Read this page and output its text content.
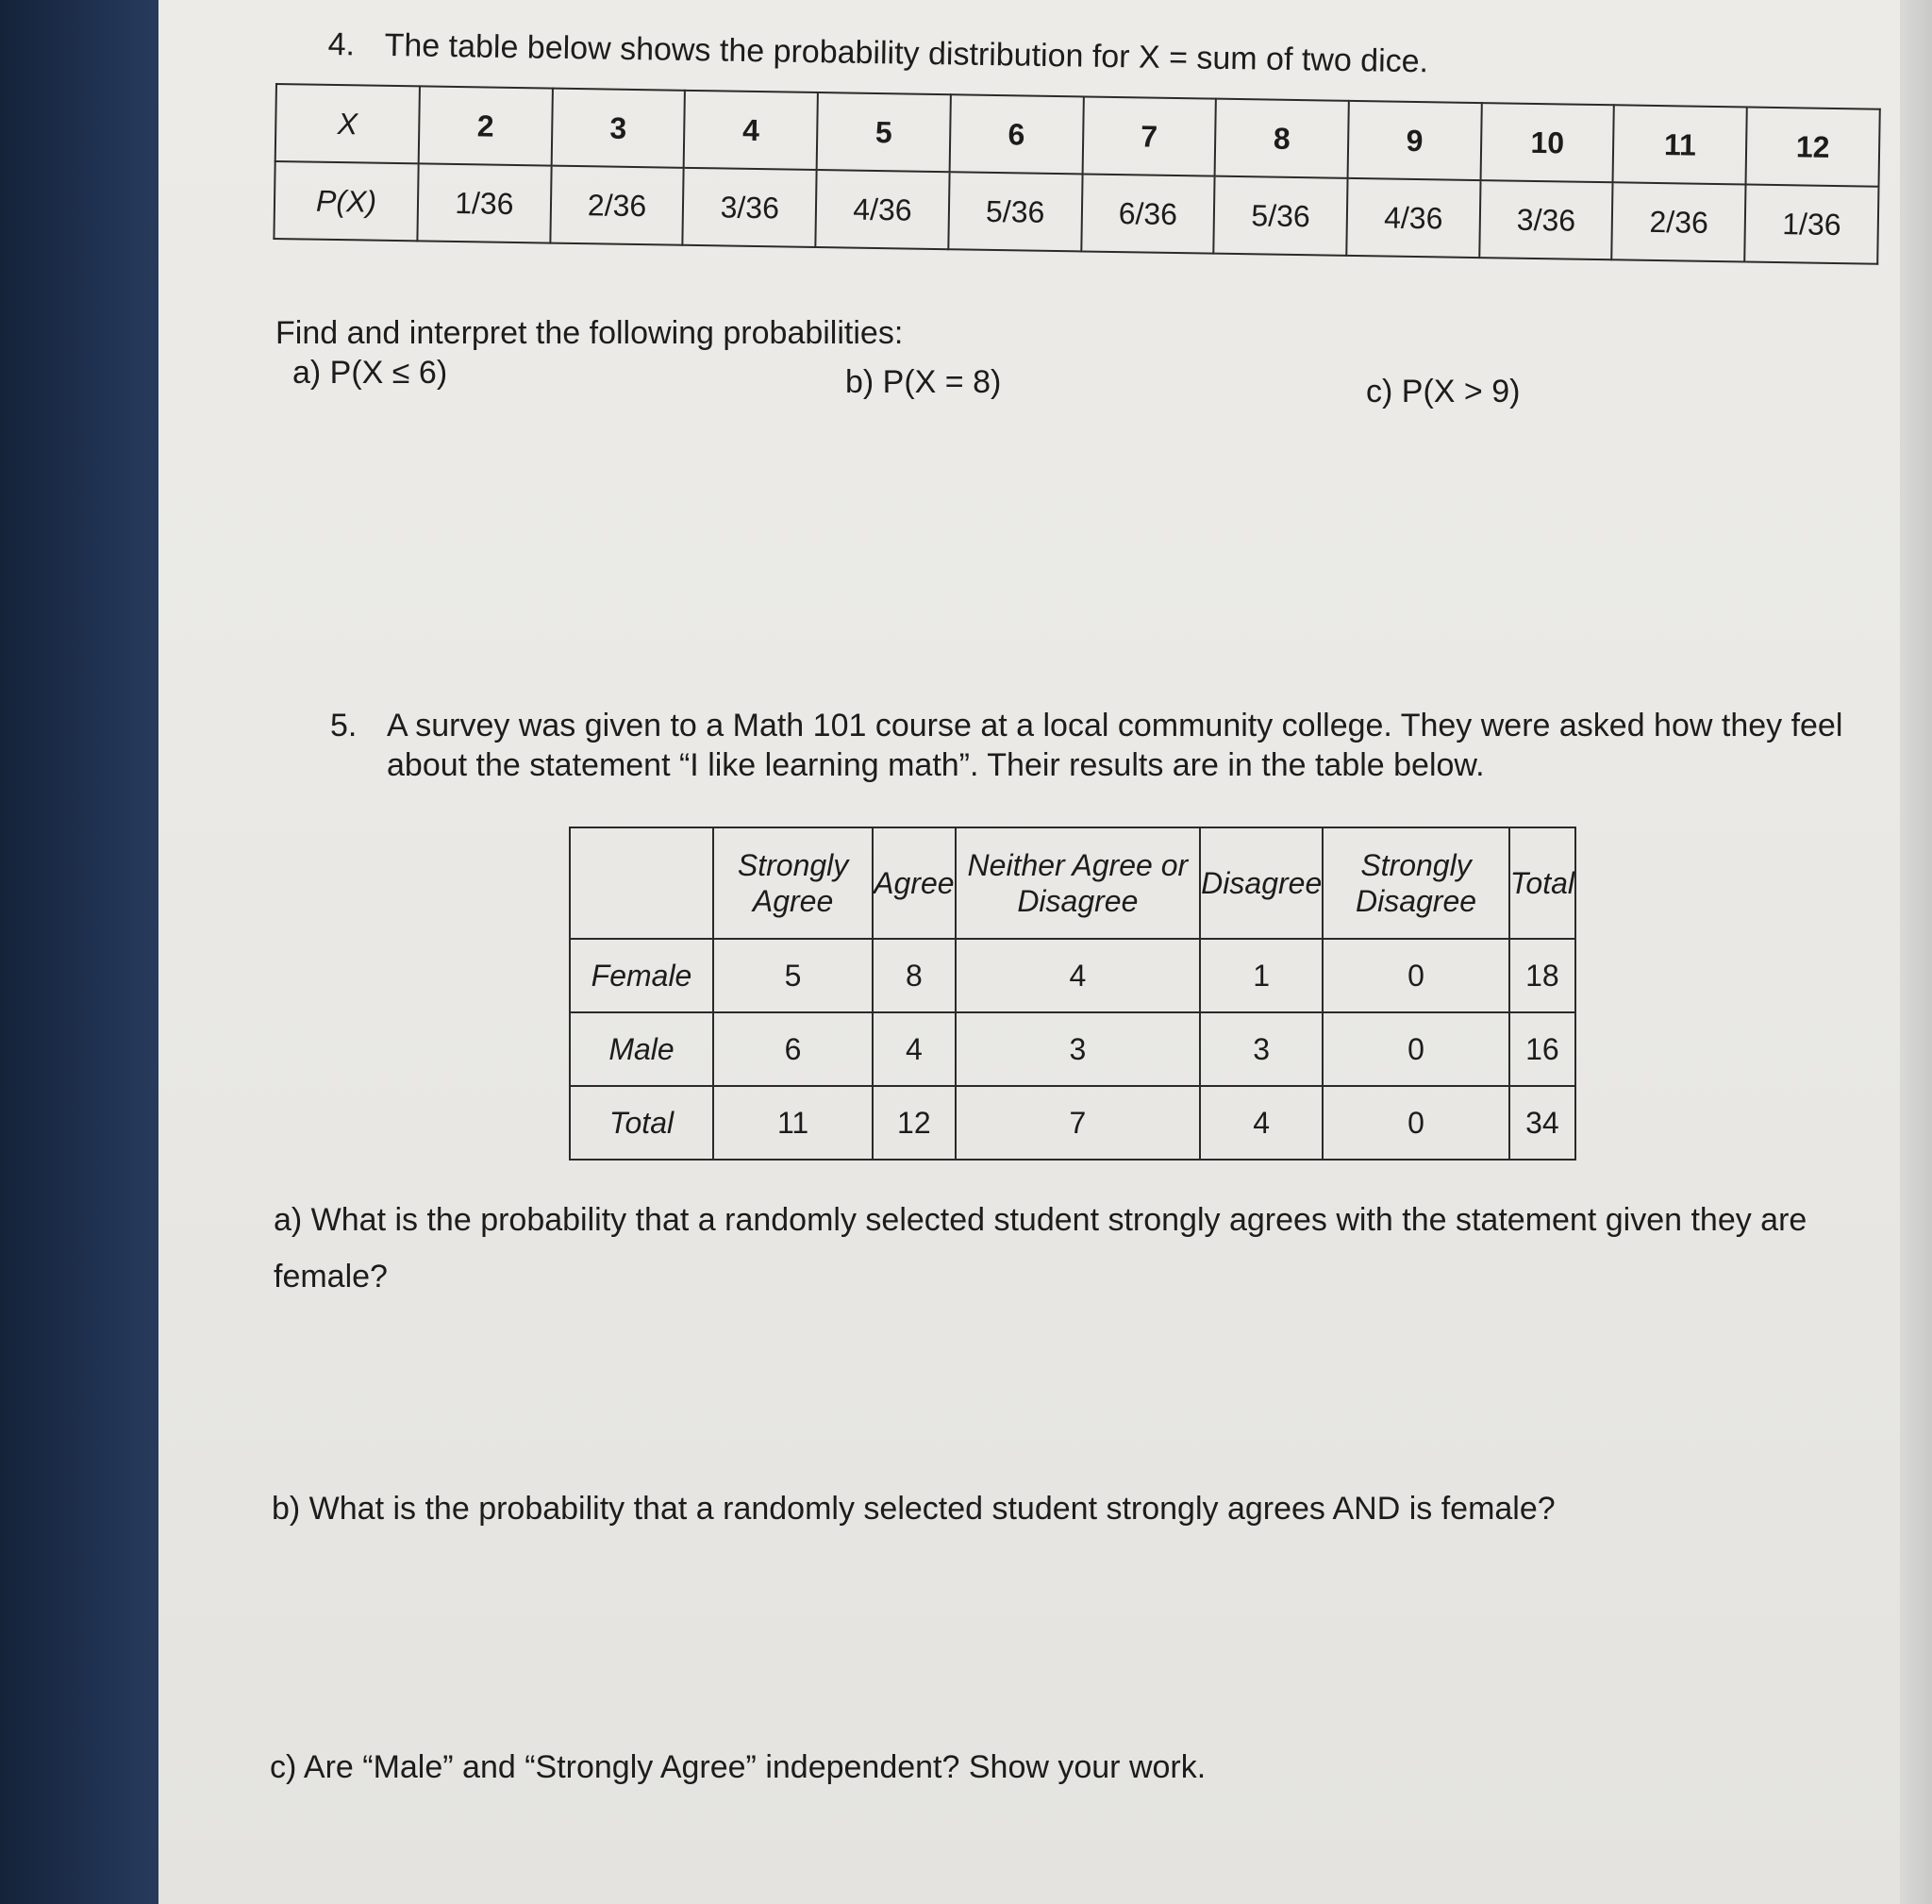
4. The table below shows the probability distribution for X = sum of two dice.
X	2	3	4	5	6	7	8	9	10	11	12
P(X)	1/36	2/36	3/36	4/36	5/36	6/36	5/36	4/36	3/36	2/36	1/36
Find and interpret the following probabilities:
a) P(X ≤ 6)	b) P(X = 8)	c) P(X > 9)
5. A survey was given to a Math 101 course at a local community college. They were asked how they feel
about the statement “I like learning math”. Their results are in the table below.
	Strongly Agree	Agree	Neither Agree or Disagree	Disagree	Strongly Disagree	Total
Female	5	8	4	1	0	18
Male	6	4	3	3	0	16
Total	11	12	7	4	0	34
a) What is the probability that a randomly selected student strongly agrees with the statement given they are
female?
b) What is the probability that a randomly selected student strongly agrees AND is female?
c) Are “Male” and “Strongly Agree” independent? Show your work.
